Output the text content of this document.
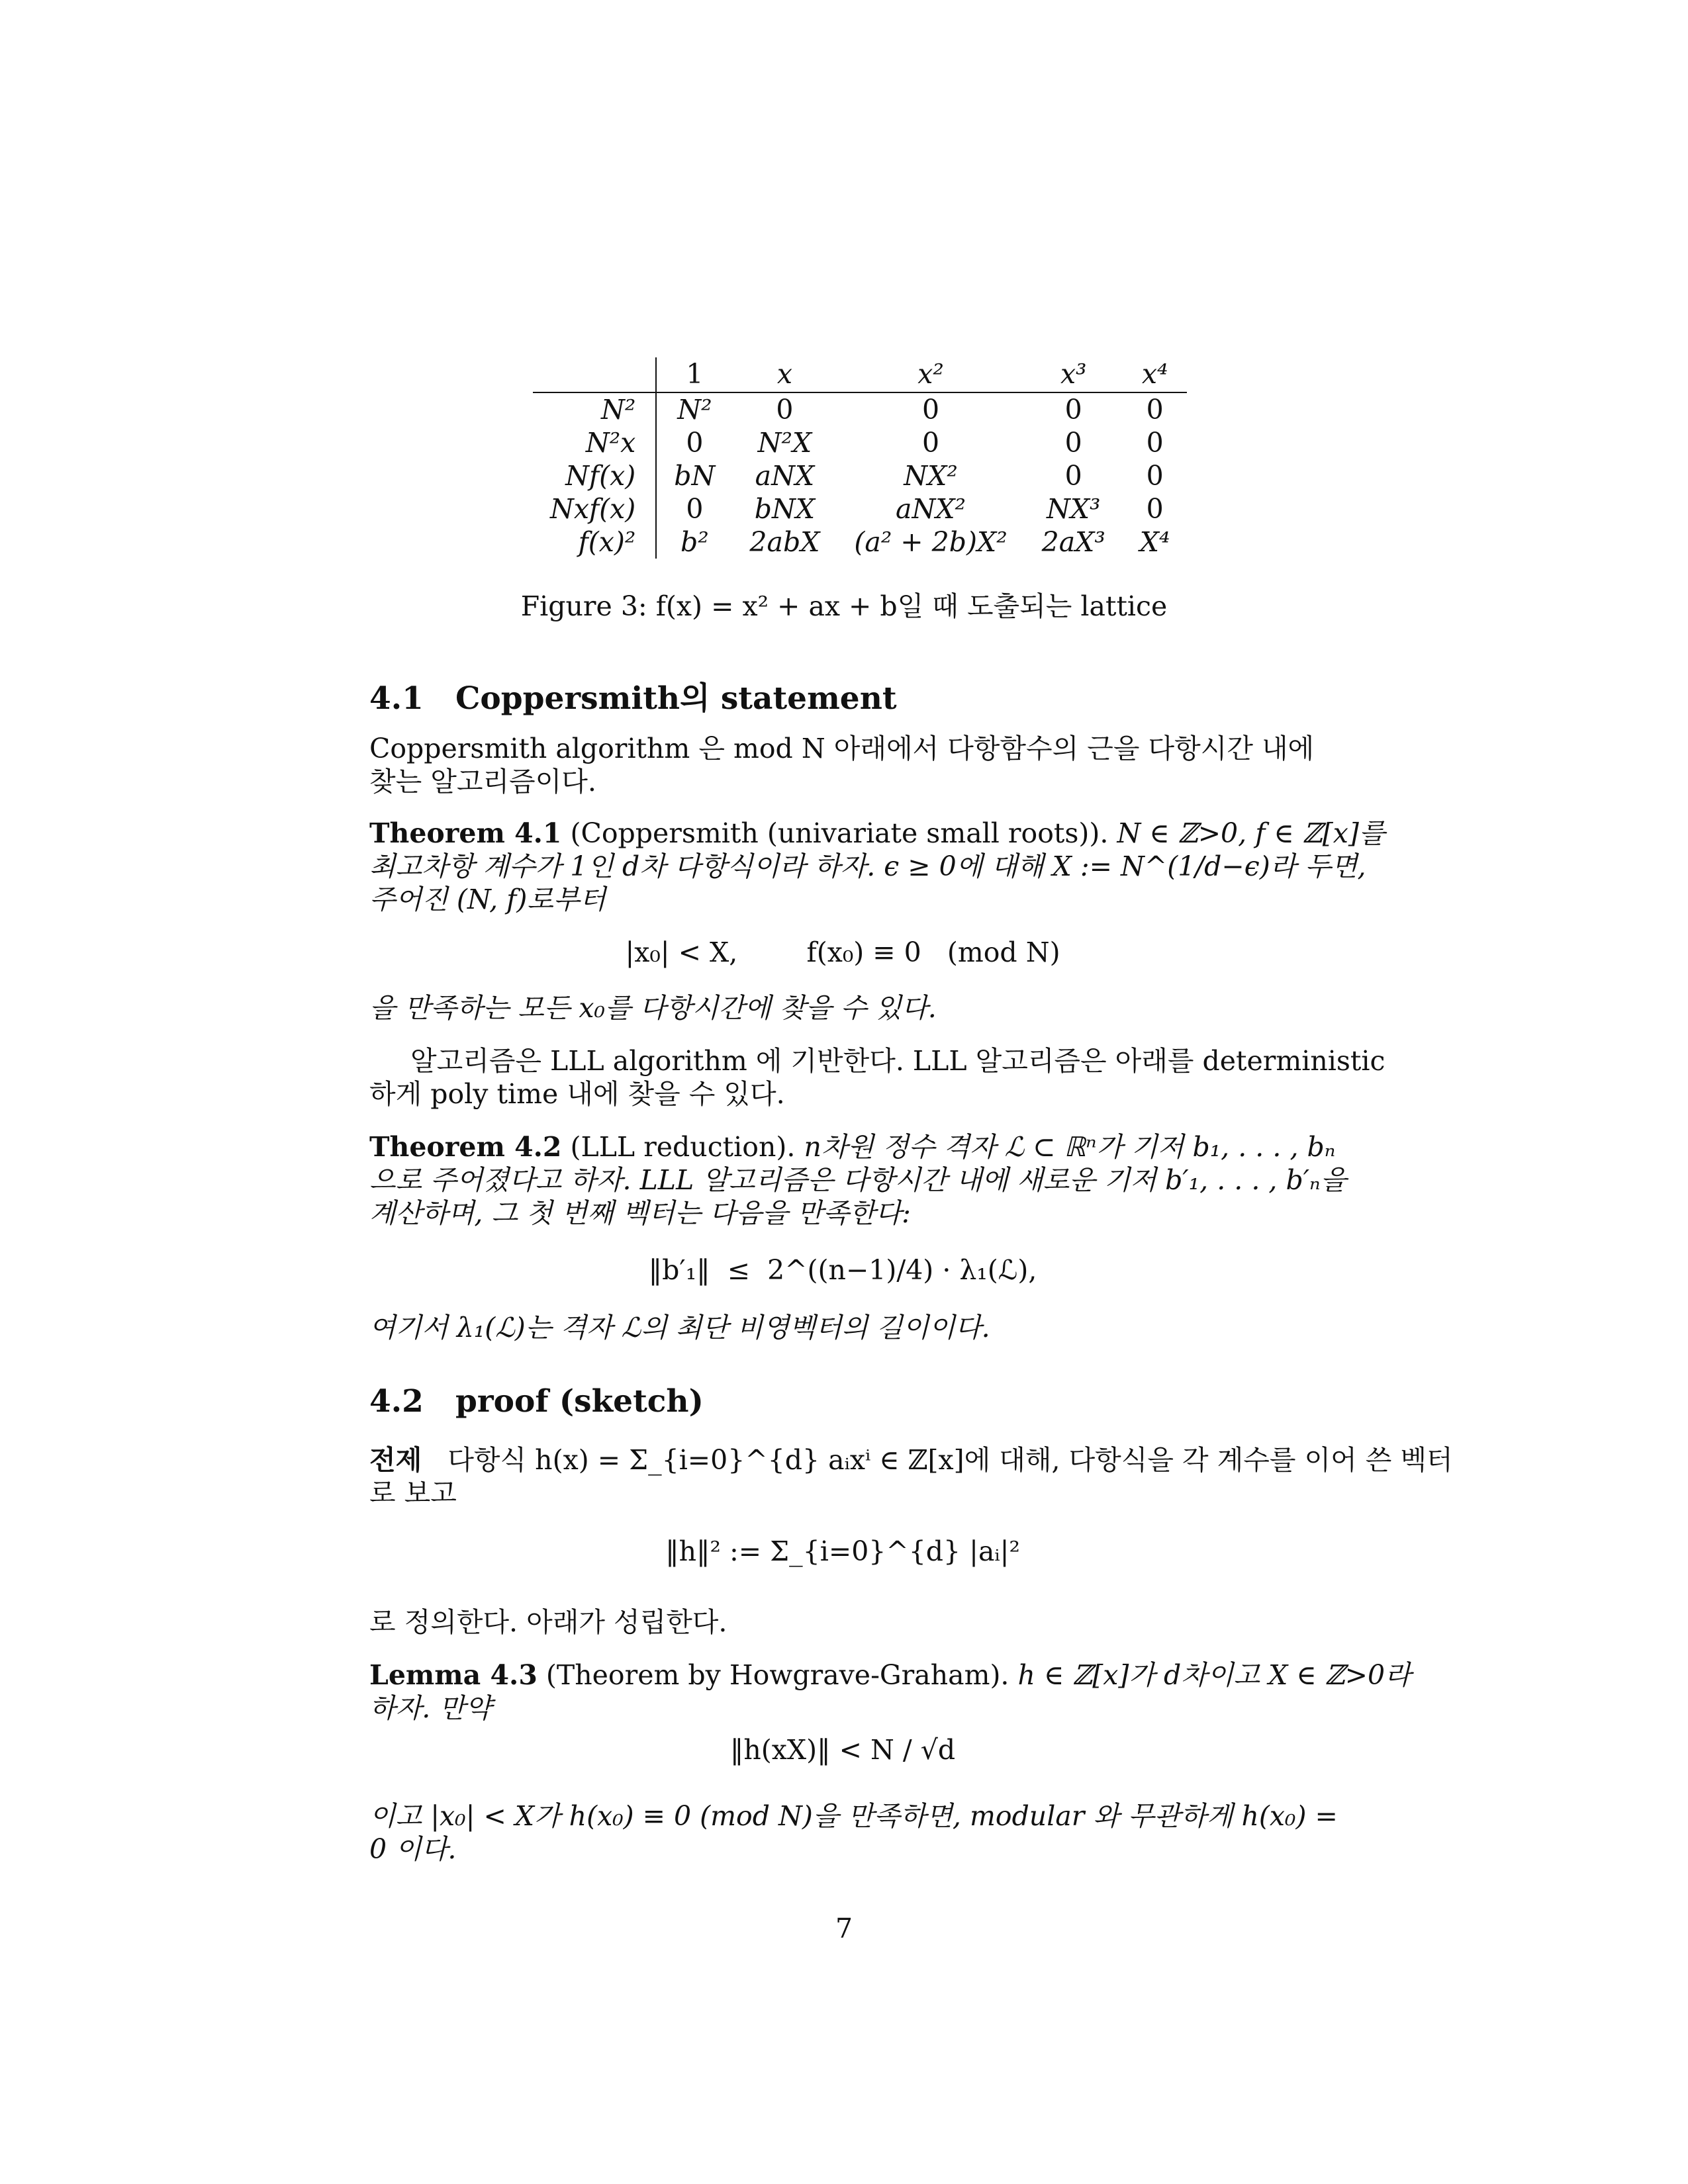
	1	x	x²	x³	x⁴
N²	N²	0	0	0	0
N²x	0	N²X	0	0	0
Nf(x)	bN	aNX	NX²	0	0
Nxf(x)	0	bNX	aNX²	NX³	0
f(x)²	b²	2abX	(a² + 2b)X²	2aX³	X⁴
Figure 3: f(x) = x² + ax + b일 때 도출되는 lattice
4.1 Coppersmith의 statement
Coppersmith algorithm 은 mod N 아래에서 다항함수의 근을 다항시간 내에
찾는 알고리즘이다.
Theorem 4.1 (Coppersmith (univariate small roots)). N ∈ ℤ>0, f ∈ ℤ[x]를
최고차항 계수가 1인 d차 다항식이라 하자. ϵ ≥ 0에 대해 X := N^(1/d−ϵ)라 두면,
주어진 (N, f)로부터
|x₀| < X,        f(x₀) ≡ 0   (mod N)
을 만족하는 모든 x₀를 다항시간에 찾을 수 있다.
알고리즘은 LLL algorithm 에 기반한다. LLL 알고리즘은 아래를 deterministic
하게 poly time 내에 찾을 수 있다.
Theorem 4.2 (LLL reduction). n차원 정수 격자 ℒ ⊂ ℝⁿ가 기저 b₁, . . . , bₙ
으로 주어졌다고 하자. LLL 알고리즘은 다항시간 내에 새로운 기저 b′₁, . . . , b′ₙ을
계산하며, 그 첫 번째 벡터는 다음을 만족한다:
‖b′₁‖  ≤  2^((n−1)/4) · λ₁(ℒ),
여기서 λ₁(ℒ)는 격자 ℒ의 최단 비영벡터의 길이이다.
4.2 proof (sketch)
전제 다항식 h(x) = Σ_{i=0}^{d} aᵢxⁱ ∈ ℤ[x]에 대해, 다항식을 각 계수를 이어 쓴 벡터
로 보고
‖h‖² := Σ_{i=0}^{d} |aᵢ|²
로 정의한다. 아래가 성립한다.
Lemma 4.3 (Theorem by Howgrave-Graham). h ∈ ℤ[x]가 d차이고 X ∈ ℤ>0라
하자. 만약
‖h(xX)‖ < N / √d
이고 |x₀| < X가 h(x₀) ≡ 0 (mod N)을 만족하면, modular 와 무관하게 h(x₀) =
0 이다.
7
